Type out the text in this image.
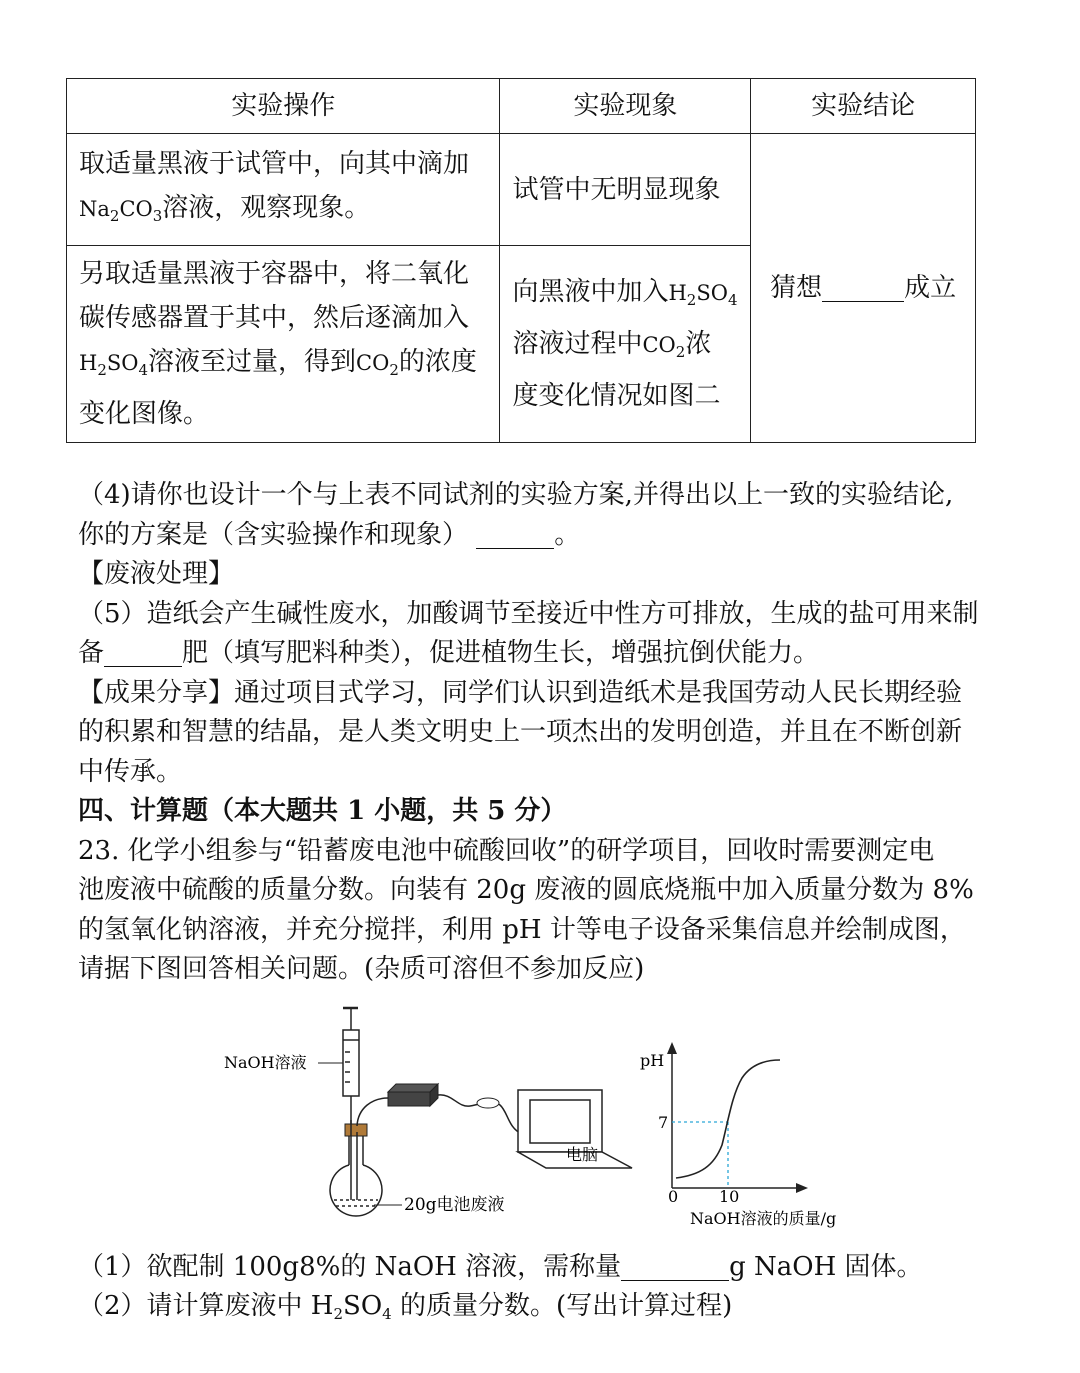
实验操作	实验现象	实验结论
取适量黑液于试管中，向其中滴加
$Na_2CO_3$溶液，观察现象。	试管中无明显现象	猜想 成立
另取适量黑液于容器中，将二氧化
碳传感器置于其中，然后逐滴加入
$H_2SO_4$溶液至过量，得到$CO_2$的浓度
变化图像。	向黑液中加入$H_2SO_4$
溶液过程中$CO_2$浓
度变化情况如图二	

（4)请你也设计一个与上表不同试剂的实验方案,并得出以上一致的实验结论,

你的方案是（含实验操作和现象）	。

【废液处理】

（5）造纸会产生碱性废水，加酸调节至接近中性方可排放，生成的盐可用来制

备	肥（填写肥料种类），促进植物生长，增强抗倒伏能力。

【成果分享】通过项目式学习，同学们认识到造纸术是我国劳动人民长期经验

的积累和智慧的结晶，是人类文明史上一项杰出的发明创造，并且在不断创新

中传承。

四、计算题（本大题共 1 小题，共 5 分）

23. 化学小组参与“铅蓄废电池中硫酸回收”的研学项目，回收时需要测定电

池废液中硫酸的质量分数。向装有 20g 废液的圆底烧瓶中加入质量分数为 8%

的氢氧化钠溶液，并充分搅拌，利用 pH 计等电子设备采集信息并绘制成图，

请据下图回答相关问题。(杂质可溶但不参加反应)

NaOH溶液
电脑
20g电池废液
pH
7
0	10
NaOH溶液的质量/g

（1）欲配制 100g8%的 NaOH 溶液，需称量	g NaOH 固体。

（2）请计算废液中 $H_2SO_4$ 的质量分数。(写出计算过程)
